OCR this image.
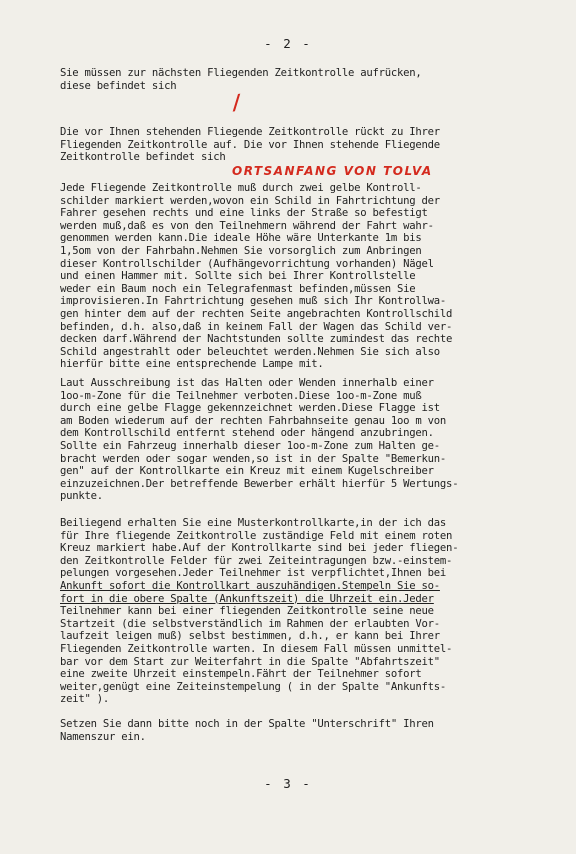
- 2 -
Sie müssen zur nächsten Fliegenden Zeitkontrolle aufrücken,
diese befindet sich
/
Die vor Ihnen stehenden Fliegende Zeitkontrolle rückt zu Ihrer
Fliegenden Zeitkontrolle auf. Die vor Ihnen stehende Fliegende
Zeitkontrolle befindet sich
ORTSANFANG VON TOLVA
Jede Fliegende Zeitkontrolle muß durch zwei gelbe Kontroll-
schilder markiert werden,wovon ein Schild in Fahrtrichtung der
Fahrer gesehen rechts und eine links der Straße so befestigt
werden muß,daß es von den Teilnehmern während der Fahrt wahr-
genommen werden kann.Die ideale Höhe wäre Unterkante 1m bis
1,5om von der Fahrbahn.Nehmen Sie vorsorglich zum Anbringen
dieser Kontrollschilder (Aufhängevorrichtung vorhanden) Nägel
und einen Hammer mit. Sollte sich bei Ihrer Kontrollstelle
weder ein Baum noch ein Telegrafenmast befinden,müssen Sie
improvisieren.In Fahrtrichtung gesehen muß sich Ihr Kontrollwa-
gen hinter dem auf der rechten Seite angebrachten Kontrollschild
befinden, d.h. also,daß in keinem Fall der Wagen das Schild ver-
decken darf.Während der Nachtstunden sollte zumindest das rechte
Schild angestrahlt oder beleuchtet werden.Nehmen Sie sich also
hierfür bitte eine entsprechende Lampe mit.
Laut Ausschreibung ist das Halten oder Wenden innerhalb einer
1oo-m-Zone für die Teilnehmer verboten.Diese 1oo-m-Zone muß
durch eine gelbe Flagge gekennzeichnet werden.Diese Flagge ist
am Boden wiederum auf der rechten Fahrbahnseite genau 1oo m von
dem Kontrollschild entfernt stehend oder hängend anzubringen.
Sollte ein Fahrzeug innerhalb dieser 1oo-m-Zone zum Halten ge-
bracht werden oder sogar wenden,so ist in der Spalte "Bemerkun-
gen" auf der Kontrollkarte ein Kreuz mit einem Kugelschreiber
einzuzeichnen.Der betreffende Bewerber erhält hierfür 5 Wertungs-
punkte.
Beiliegend erhalten Sie eine Musterkontrollkarte,in der ich das
für Ihre fliegende Zeitkontrolle zuständige Feld mit einem roten
Kreuz markiert habe.Auf der Kontrollkarte sind bei jeder fliegen-
den Zeitkontrolle Felder für zwei Zeiteintragungen bzw.-einstem-
pelungen vorgesehen.Jeder Teilnehmer ist verpflichtet,Ihnen bei
Ankunft sofort die Kontrollkart auszuhändigen.Stempeln Sie so-
fort in die obere Spalte (Ankunftszeit) die Uhrzeit ein.Jeder
Teilnehmer kann bei einer fliegenden Zeitkontrolle seine neue
Startzeit (die selbstverständlich im Rahmen der erlaubten Vor-
laufzeit leigen muß) selbst bestimmen, d.h., er kann bei Ihrer
Fliegenden Zeitkontrolle warten. In diesem Fall müssen unmittel-
bar vor dem Start zur Weiterfahrt in die Spalte "Abfahrtszeit"
eine zweite Uhrzeit einstempeln.Fährt der Teilnehmer sofort
weiter,genügt eine Zeiteinstempelung ( in der Spalte "Ankunfts-
zeit" ).
Setzen Sie dann bitte noch in der Spalte "Unterschrift" Ihren
Namenszur ein.
- 3 -
